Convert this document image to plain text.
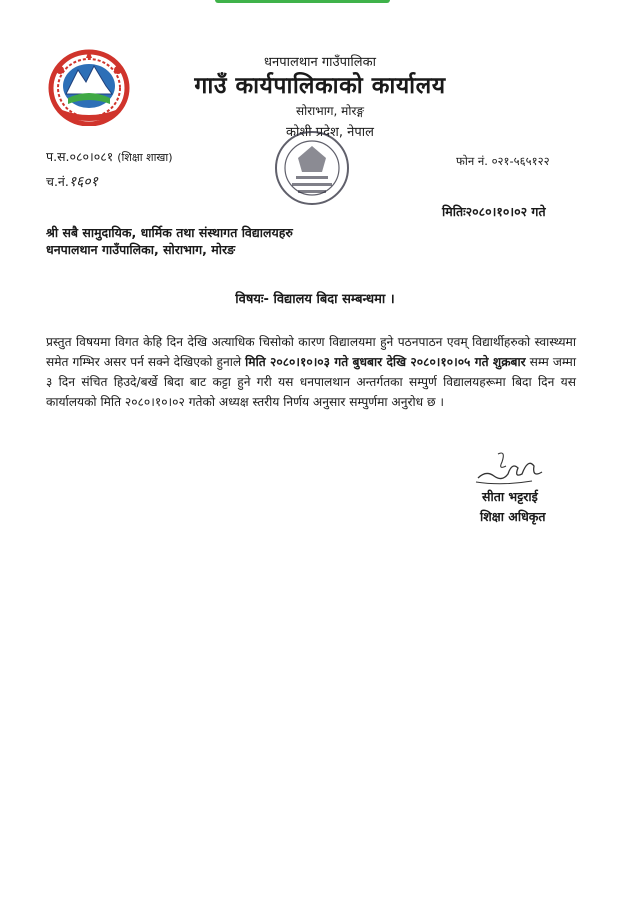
धनपालथान गाउँपालिका
गाउँ कार्यपालिकाको कार्यालय
सोराभाग, मोरङ्ग
कोशी प्रदेश, नेपाल
प.स.०८०।०८१ (शिक्षा शाखा)
च.नं.१६०१
फोन नं. ०२१-५६५१२२
मितिः२०८०।१०।०२ गते
श्री सबै सामुदायिक, धार्मिक तथा संस्थागत विद्यालयहरु
धनपालथान गाउँपालिका, सोराभाग, मोरङ
विषयः- विद्यालय बिदा सम्बन्धमा ।
प्रस्तुत विषयमा विगत केहि दिन देखि अत्याधिक चिसोको कारण विद्यालयमा हुने पठनपाठन एवम् विद्यार्थीहरुको स्वास्थ्यमा समेत गम्भिर असर पर्न सक्ने देखिएको हुनाले मिति २०८०।१०।०३ गते बुधबार देखि २०८०।१०।०५ गते शुक्रबार सम्म जम्मा ३ दिन संचित हिउदे/बर्खे बिदा बाट कट्टा हुने गरी यस धनपालथान अन्तर्गतका सम्पुर्ण विद्यालयहरूमा बिदा दिन यस कार्यालयको मिति २०८०।१०।०२ गतेको अध्यक्ष स्तरीय निर्णय अनुसार सम्पुर्णमा अनुरोध छ ।
सीता भट्टराई
शिक्षा अधिकृत
